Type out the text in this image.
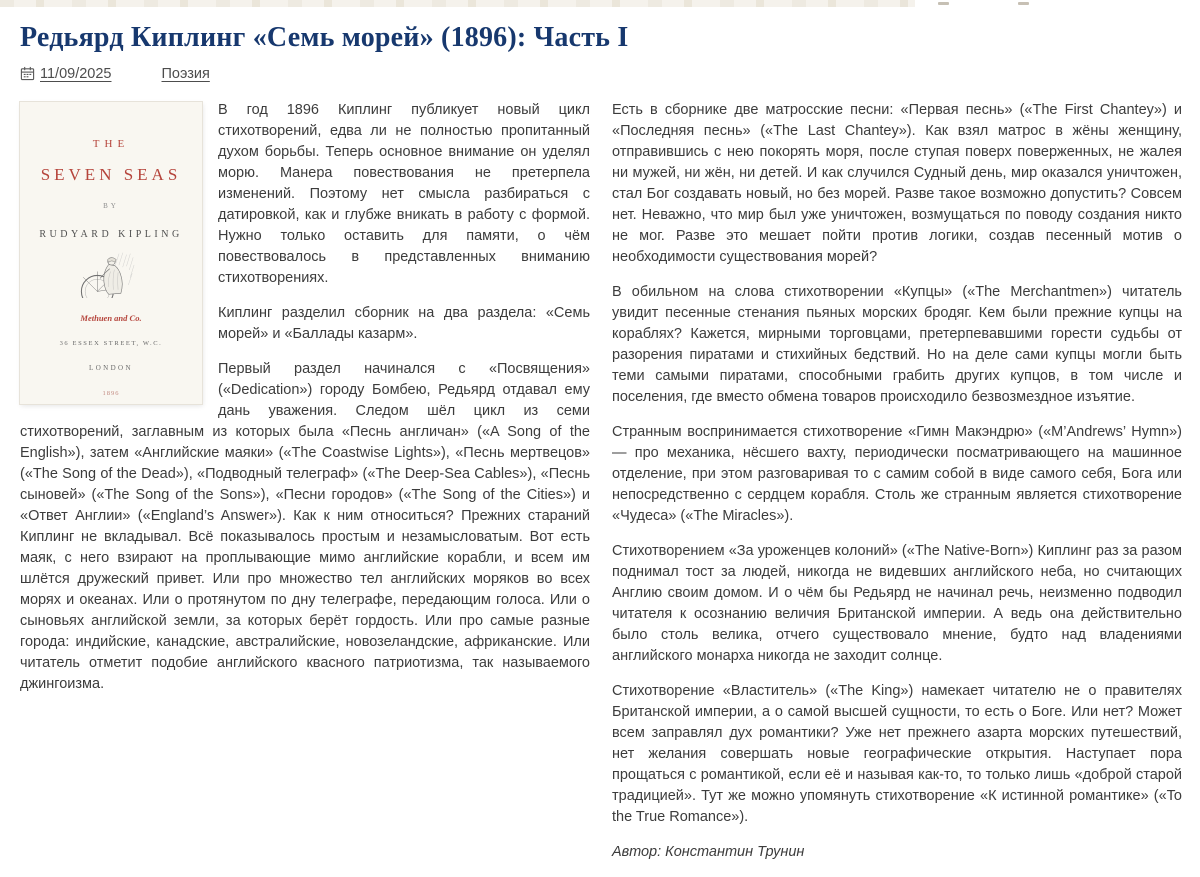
Редьярд Киплинг «Семь морей» (1896): Часть I
11/09/2025	Поэзия
THE
SEVEN SEAS
BY
RUDYARD KIPLING
Methuen and Co.
36 ESSEX STREET, W.C.
LONDON
1896

В год 1896 Киплинг публикует новый цикл стихотворений, едва ли не полностью пропитанный духом борьбы. Теперь основное внимание он уделял морю. Манера повествования не претерпела изменений. Поэтому нет смысла разбираться с датировкой, как и глубже вникать в работу с формой. Нужно только оставить для памяти, о чём повествовалось в представленных вниманию стихотворениях.

Киплинг разделил сборник на два раздела: «Семь морей» и «Баллады казарм».

Первый раздел начинался с «Посвящения» («Dedication») городу Бомбею, Редьярд отдавал ему дань уважения. Следом шёл цикл из семи стихотворений, заглавным из которых была «Песнь англичан» («A Song of the English»), затем «Английские маяки» («The Coastwise Lights»), «Песнь мертвецов» («The Song of the Dead»), «Подводный телеграф» («The Deep-Sea Cables»), «Песнь сыновей» («The Song of the Sons»), «Песни городов» («The Song of the Cities») и «Ответ Англии» («England’s Answer»). Как к ним относиться? Прежних стараний Киплинг не вкладывал. Всё показывалось простым и незамысловатым. Вот есть маяк, с него взирают на проплывающие мимо английские корабли, и всем им шлётся дружеский привет. Или про множество тел английских моряков во всех морях и океанах. Или о протянутом по дну телеграфе, передающим голоса. Или о сыновьях английской земли, за которых берёт гордость. Или про самые разные города: индийские, канадские, австралийские, новозеландские, африканские. Или читатель отметит подобие английского квасного патриотизма, так называемого джингоизма.

Есть в сборнике две матросские песни: «Первая песнь» («The First Chantey») и «Последняя песнь» («The Last Chantey»). Как взял матрос в жёны женщину, отправившись с нею покорять моря, после ступая поверх поверженных, не жалея ни мужей, ни жён, ни детей. И как случился Судный день, мир оказался уничтожен, стал Бог создавать новый, но без морей. Разве такое возможно допустить? Совсем нет. Неважно, что мир был уже уничтожен, возмущаться по поводу создания никто не мог. Разве это мешает пойти против логики, создав песенный мотив о необходимости существования морей?

В обильном на слова стихотворении «Купцы» («The Merchantmen») читатель увидит песенные стенания пьяных морских бродяг. Кем были прежние купцы на кораблях? Кажется, мирными торговцами, претерпевавшими горести судьбы от разорения пиратами и стихийных бедствий. Но на деле сами купцы могли быть теми самыми пиратами, способными грабить других купцов, в том числе и поселения, где вместо обмена товаров происходило безвозмездное изъятие.

Странным воспринимается стихотворение «Гимн Макэндрю» («M’Andrews’ Hymn») — про механика, нёсшего вахту, периодически посматривающего на машинное отделение, при этом разговаривая то с самим собой в виде самого себя, Бога или непосредственно с сердцем корабля. Столь же странным является стихотворение «Чудеса» («The Miracles»).

Стихотворением «За уроженцев колоний» («The Native-Born») Киплинг раз за разом поднимал тост за людей, никогда не видевших английского неба, но считающих Англию своим домом. И о чём бы Редьярд не начинал речь, неизменно подводил читателя к осознанию величия Британской империи. А ведь она действительно было столь велика, отчего существовало мнение, будто над владениями английского монарха никогда не заходит солнце.

Стихотворение «Властитель» («The King») намекает читателю не о правителях Британской империи, а о самой высшей сущности, то есть о Боге. Или нет? Может всем заправлял дух романтики? Уже нет прежнего азарта морских путешествий, нет желания совершать новые географические открытия. Наступает пора прощаться с романтикой, если её и называя как-то, то только лишь «доброй старой традицией». Тут же можно упомянуть стихотворение «К истинной романтике» («To the True Romance»).

Автор: Константин Трунин
